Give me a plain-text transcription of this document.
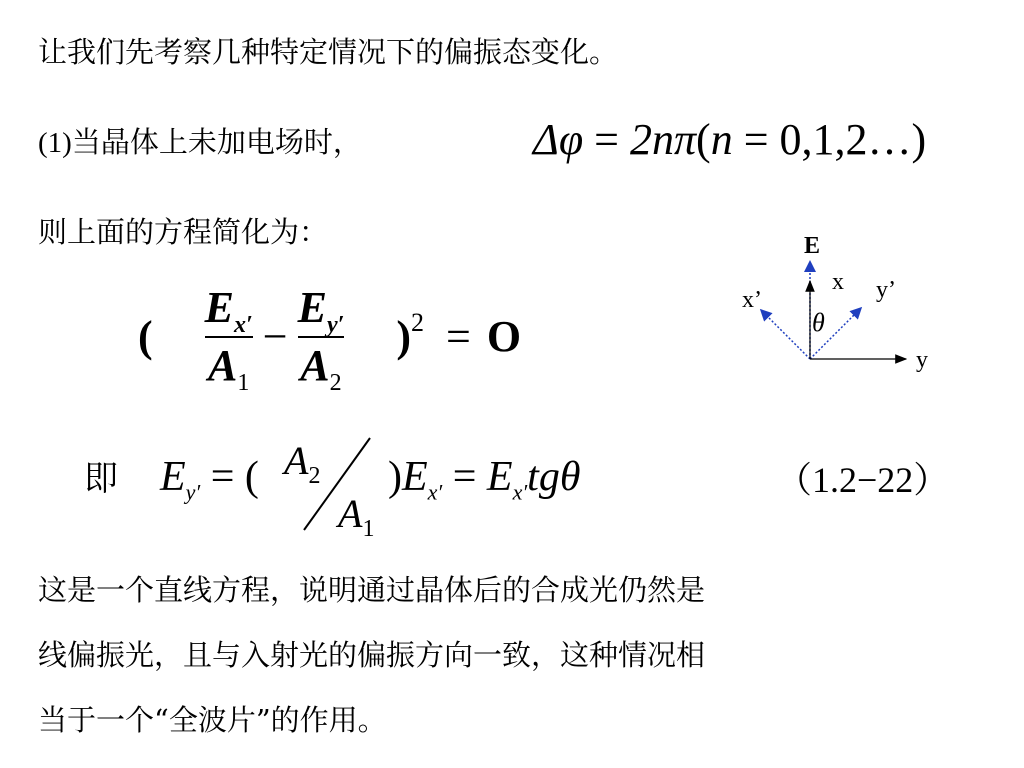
让我们先考察几种特定情况下的偏振态变化。
(1)当晶体上未加电场时，	Δφ = 2nπ(n = 0,1,2…)
则上面的方程简化为：
( $\frac{E_{x'}}{A_1} - \frac{E_{y'}}{A_2} )^2 = O$
E
x
x’	y’
y
θ
即 $E_{y'}$ = ( $A_2$
$A_1$
)$E_{x'} = E_{x'}tg\theta$	（1.2−22）
这是一个直线方程，说明通过晶体后的合成光仍然是
线偏振光，且与入射光的偏振方向一致，这种情况相
当于一个“全波片”的作用。
